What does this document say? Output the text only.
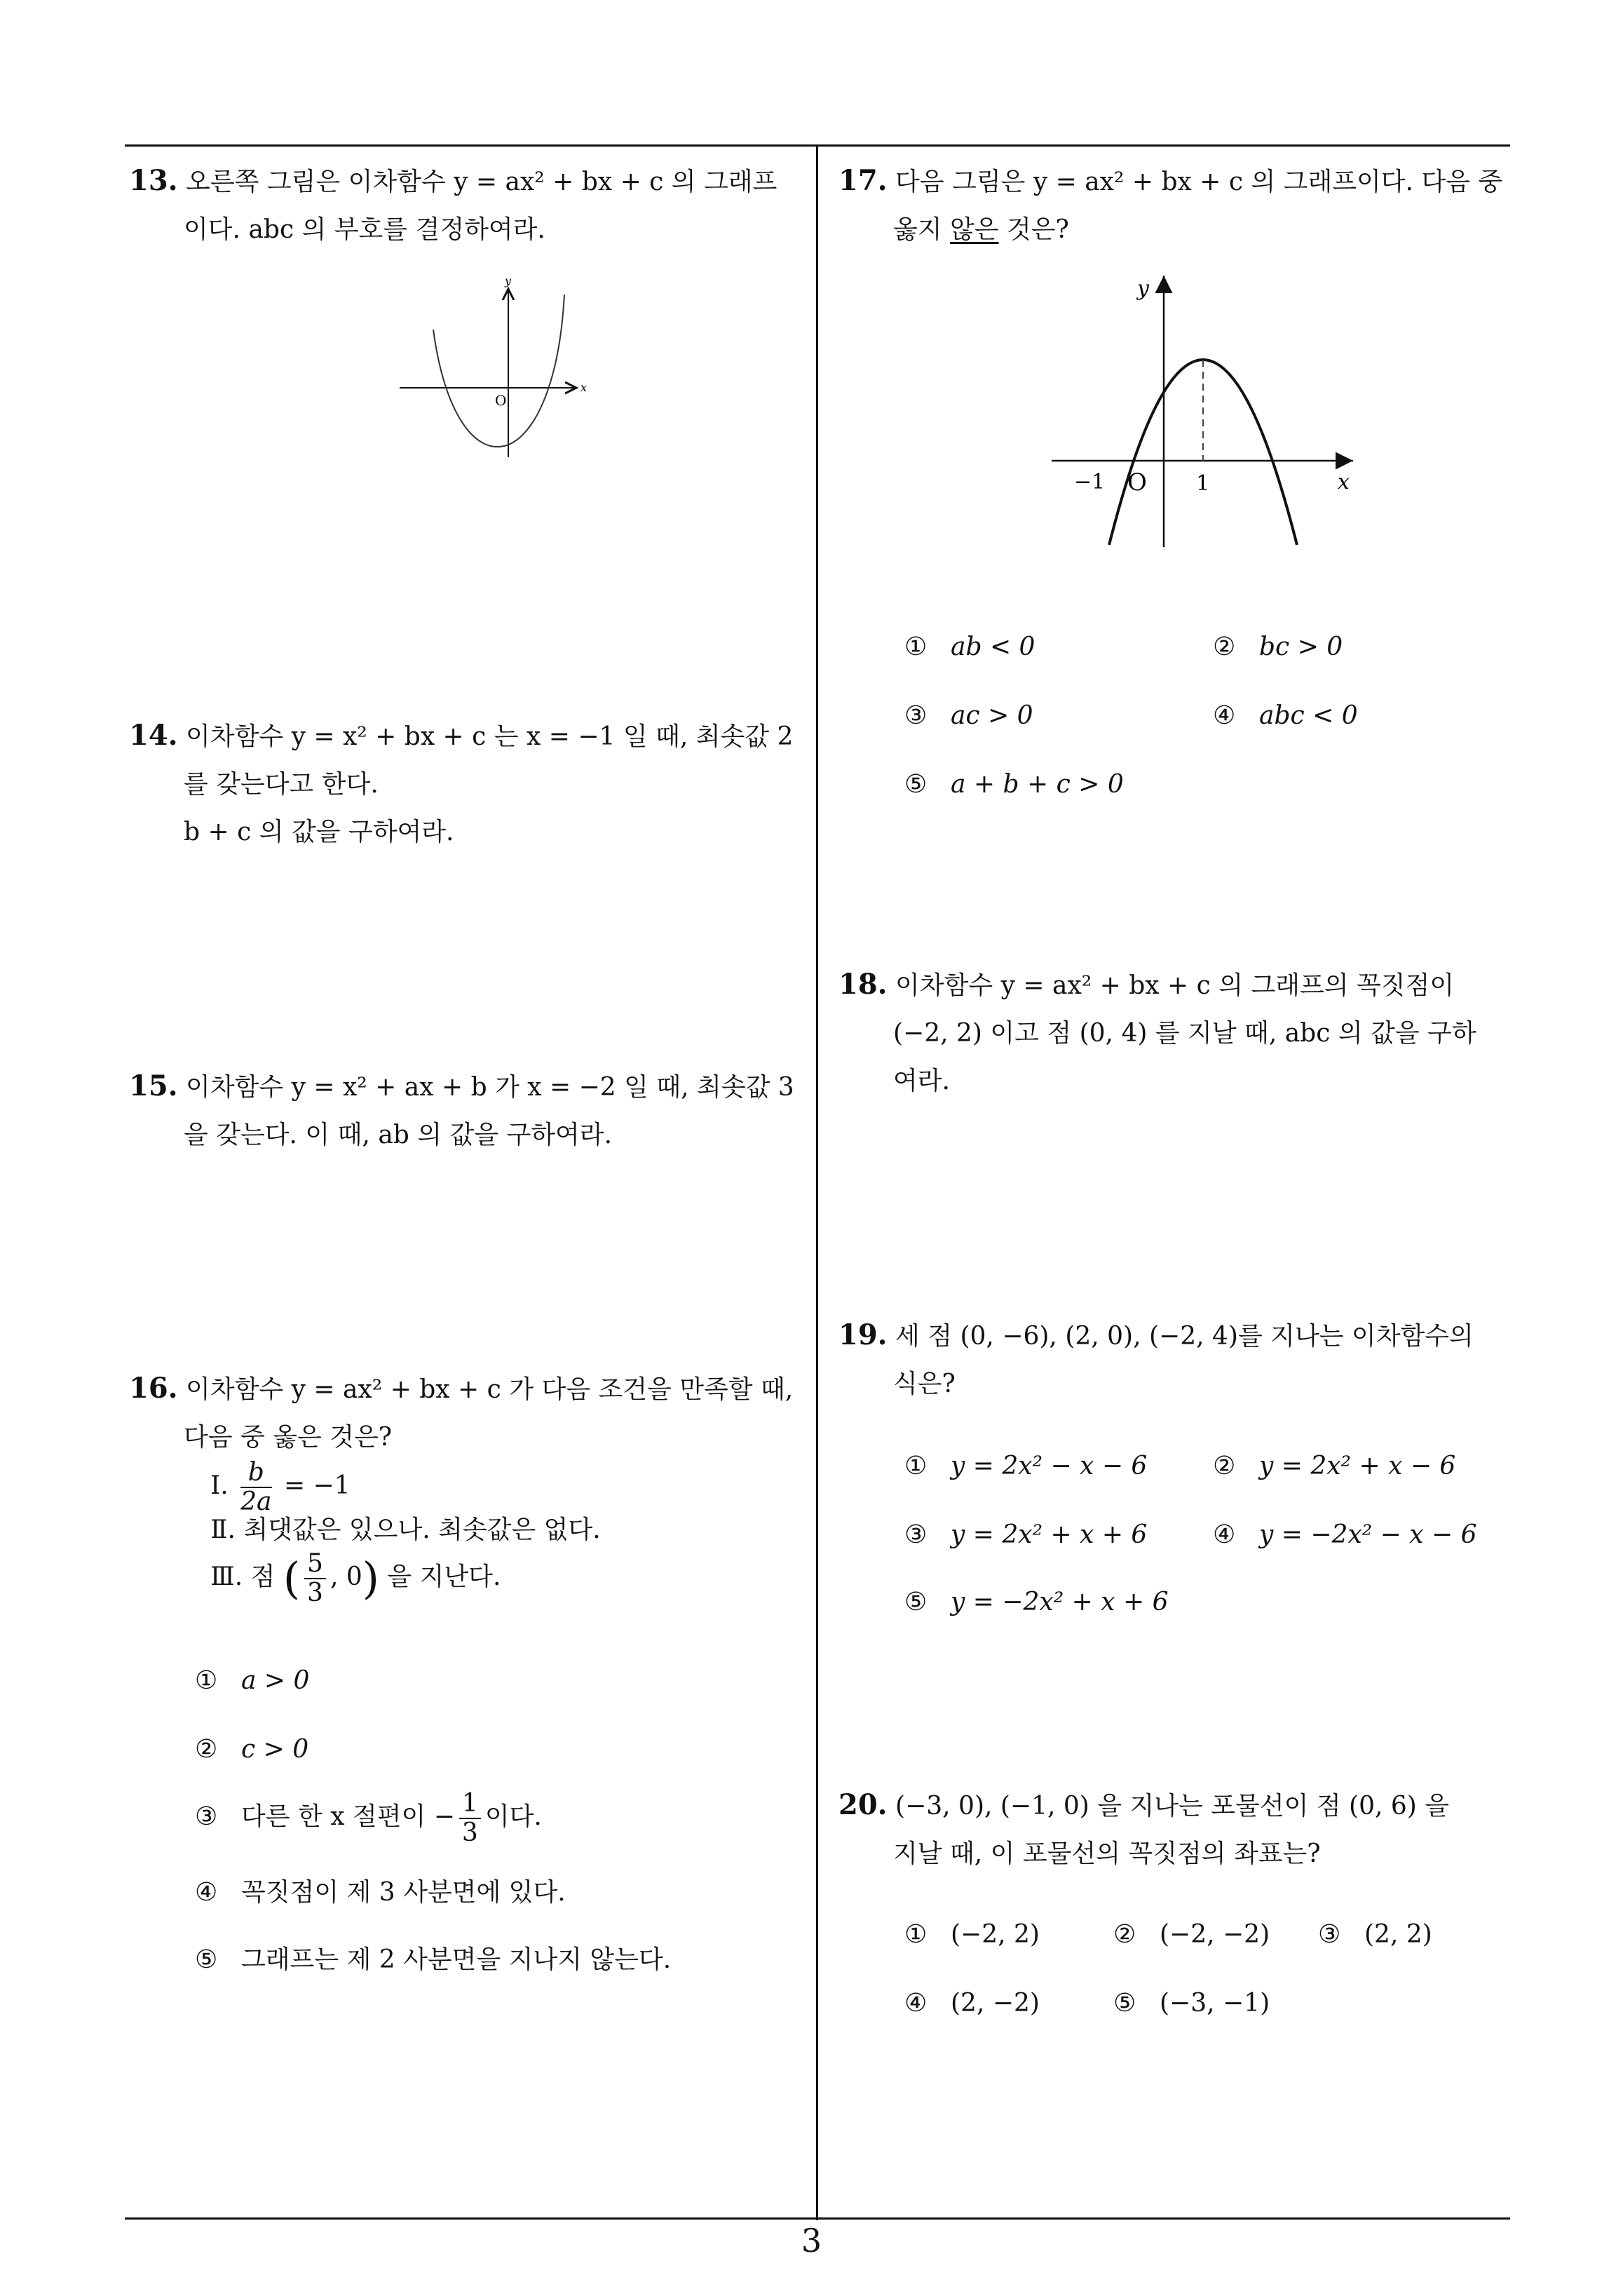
13. 오른쪽 그림은 이차함수 y = ax² + bx + c 의 그래프
이다. abc 의 부호를 결정하여라.
x
y
O
14. 이차함수 y = x² + bx + c 는 x = −1 일 때, 최솟값 2
를 갖는다고 한다.
b + c 의 값을 구하여라.
15. 이차함수 y = x² + ax + b 가 x = −2 일 때, 최솟값 3
을 갖는다. 이 때, ab 의 값을 구하여라.
16. 이차함수 y = ax² + bx + c 가 다음 조건을 만족할 때,
다음 중 옳은 것은?
Ⅰ. $\frac{b}{2a} = -1$
Ⅱ. 최댓값은 있으나. 최솟값은 없다.
Ⅲ. 점 ( $\frac{5}{3}$ , 0) 을 지난다.
① a > 0
② c > 0
③ 다른 한 x 절편이 − $\frac{1}{3}$ 이다.
④ 꼭짓점이 제 3 사분면에 있다.
⑤ 그래프는 제 2 사분면을 지나지 않는다.
17. 다음 그림은 y = ax² + bx + c 의 그래프이다. 다음 중
옳지 않은 것은?
y
x
−1 O 1
① ab < 0	② bc > 0
③ ac > 0	④ abc < 0
⑤ a + b + c > 0
18. 이차함수 y = ax² + bx + c 의 그래프의 꼭짓점이
(−2, 2) 이고 점 (0, 4) 를 지날 때, abc 의 값을 구하
여라.
19. 세 점 (0, −6), (2, 0), (−2, 4)를 지나는 이차함수의
식은?
① y = 2x² − x − 6	② y = 2x² + x − 6
③ y = 2x² + x + 6	④ y = −2x² − x − 6
⑤ y = −2x² + x + 6
20. (−3, 0), (−1, 0) 을 지나는 포물선이 점 (0, 6) 을
지날 때, 이 포물선의 꼭짓점의 좌표는?
① (−2, 2)	② (−2, −2) ③ (2, 2)
④ (2, −2)	⑤ (−3, −1)
3
